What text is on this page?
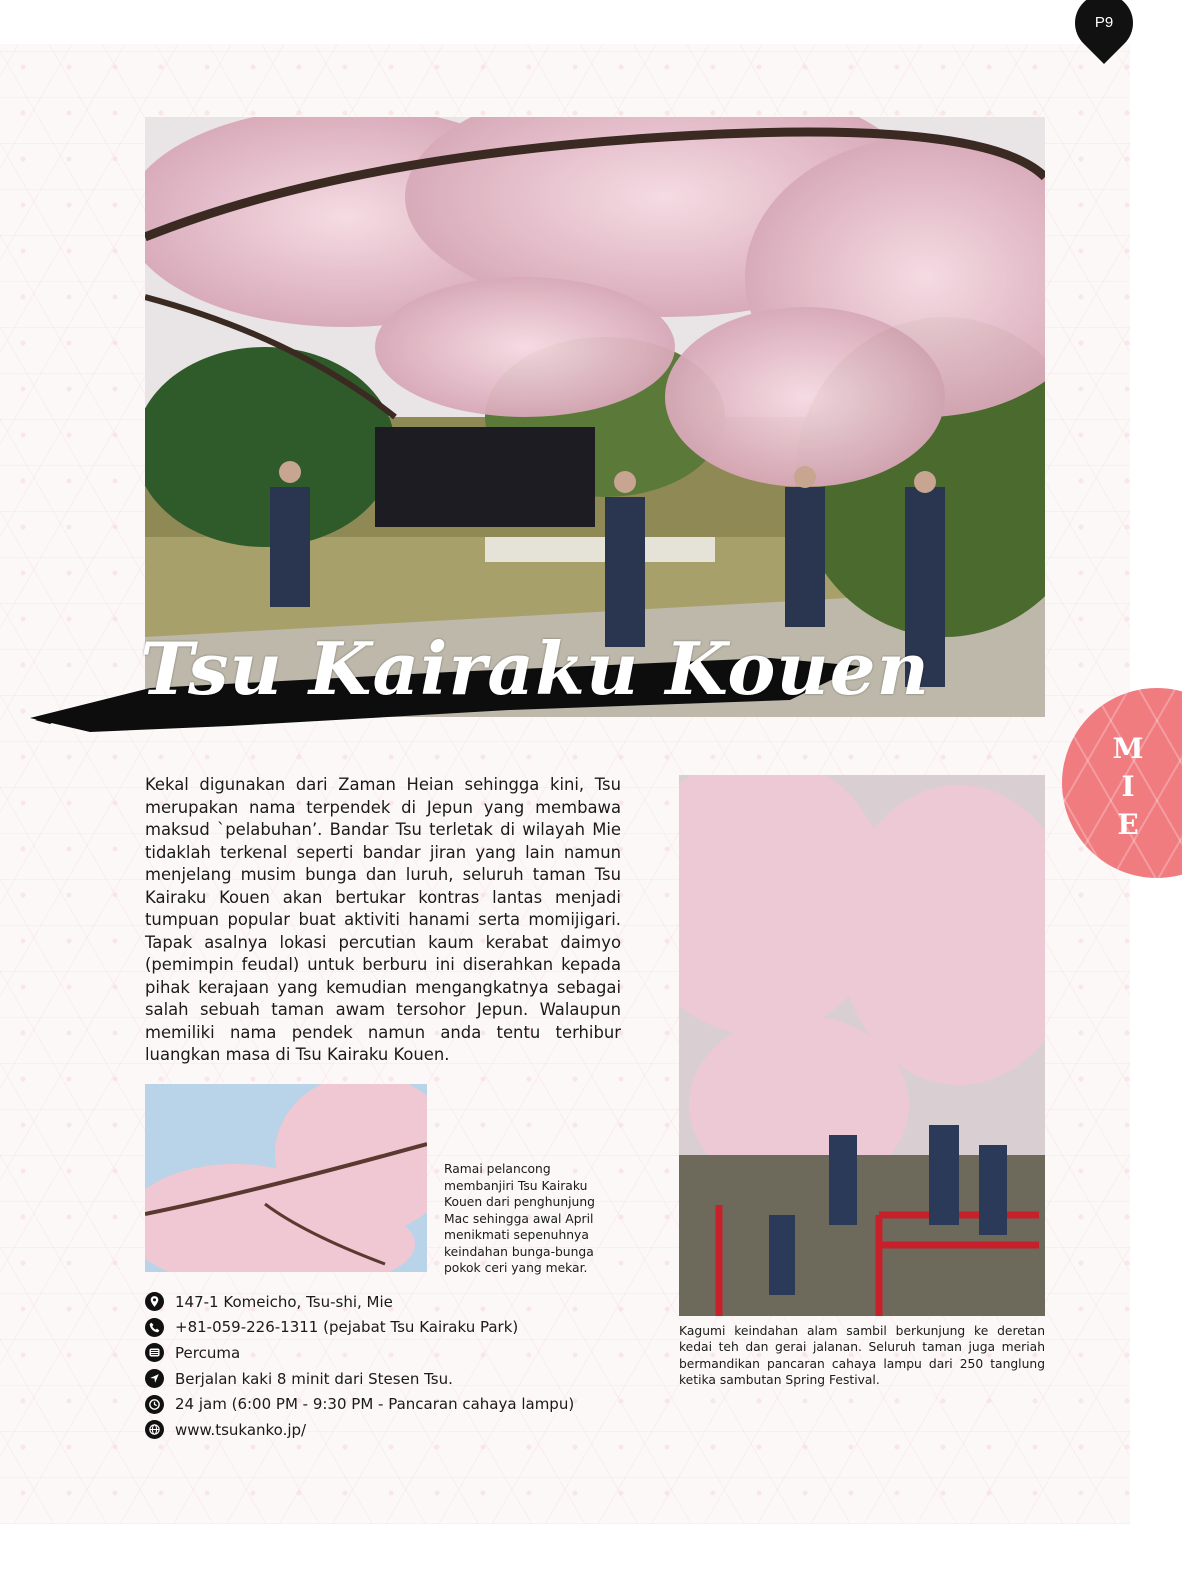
P9
Tsu Kairaku Kouen
M
I
E

Kekal digunakan dari Zaman Heian sehingga kini, Tsu merupakan nama terpendek di Jepun yang membawa maksud `pelabuhan’. Bandar Tsu terletak di wilayah Mie tidaklah terkenal seperti bandar jiran yang lain namun menjelang musim bunga dan luruh, seluruh taman Tsu Kairaku Kouen akan bertukar kontras lantas menjadi tumpuan popular buat aktiviti hanami serta momijigari. Tapak asalnya lokasi percutian kaum kerabat daimyo (pemimpin feudal) untuk berburu ini diserahkan kepada pihak kerajaan yang kemudian mengangkatnya sebagai salah sebuah taman awam tersohor Jepun. Walaupun memiliki nama pendek namun anda tentu terhibur luangkan masa di Tsu Kairaku Kouen.

Ramai pelancong membanjiri Tsu Kairaku Kouen dari penghunjung Mac sehingga awal April menikmati sepenuhnya keindahan bunga-bunga pokok ceri yang mekar.

Kagumi keindahan alam sambil berkunjung ke deretan kedai teh dan gerai jalanan. Seluruh taman juga meriah bermandikan pancaran cahaya lampu dari 250 tanglung ketika sambutan Spring Festival.

147-1 Komeicho, Tsu-shi, Mie
+81-059-226-1311 (pejabat Tsu Kairaku Park)
Percuma
Berjalan kaki 8 minit dari Stesen Tsu.
24 jam (6:00 PM - 9:30 PM - Pancaran cahaya lampu)
www.tsukanko.jp/
